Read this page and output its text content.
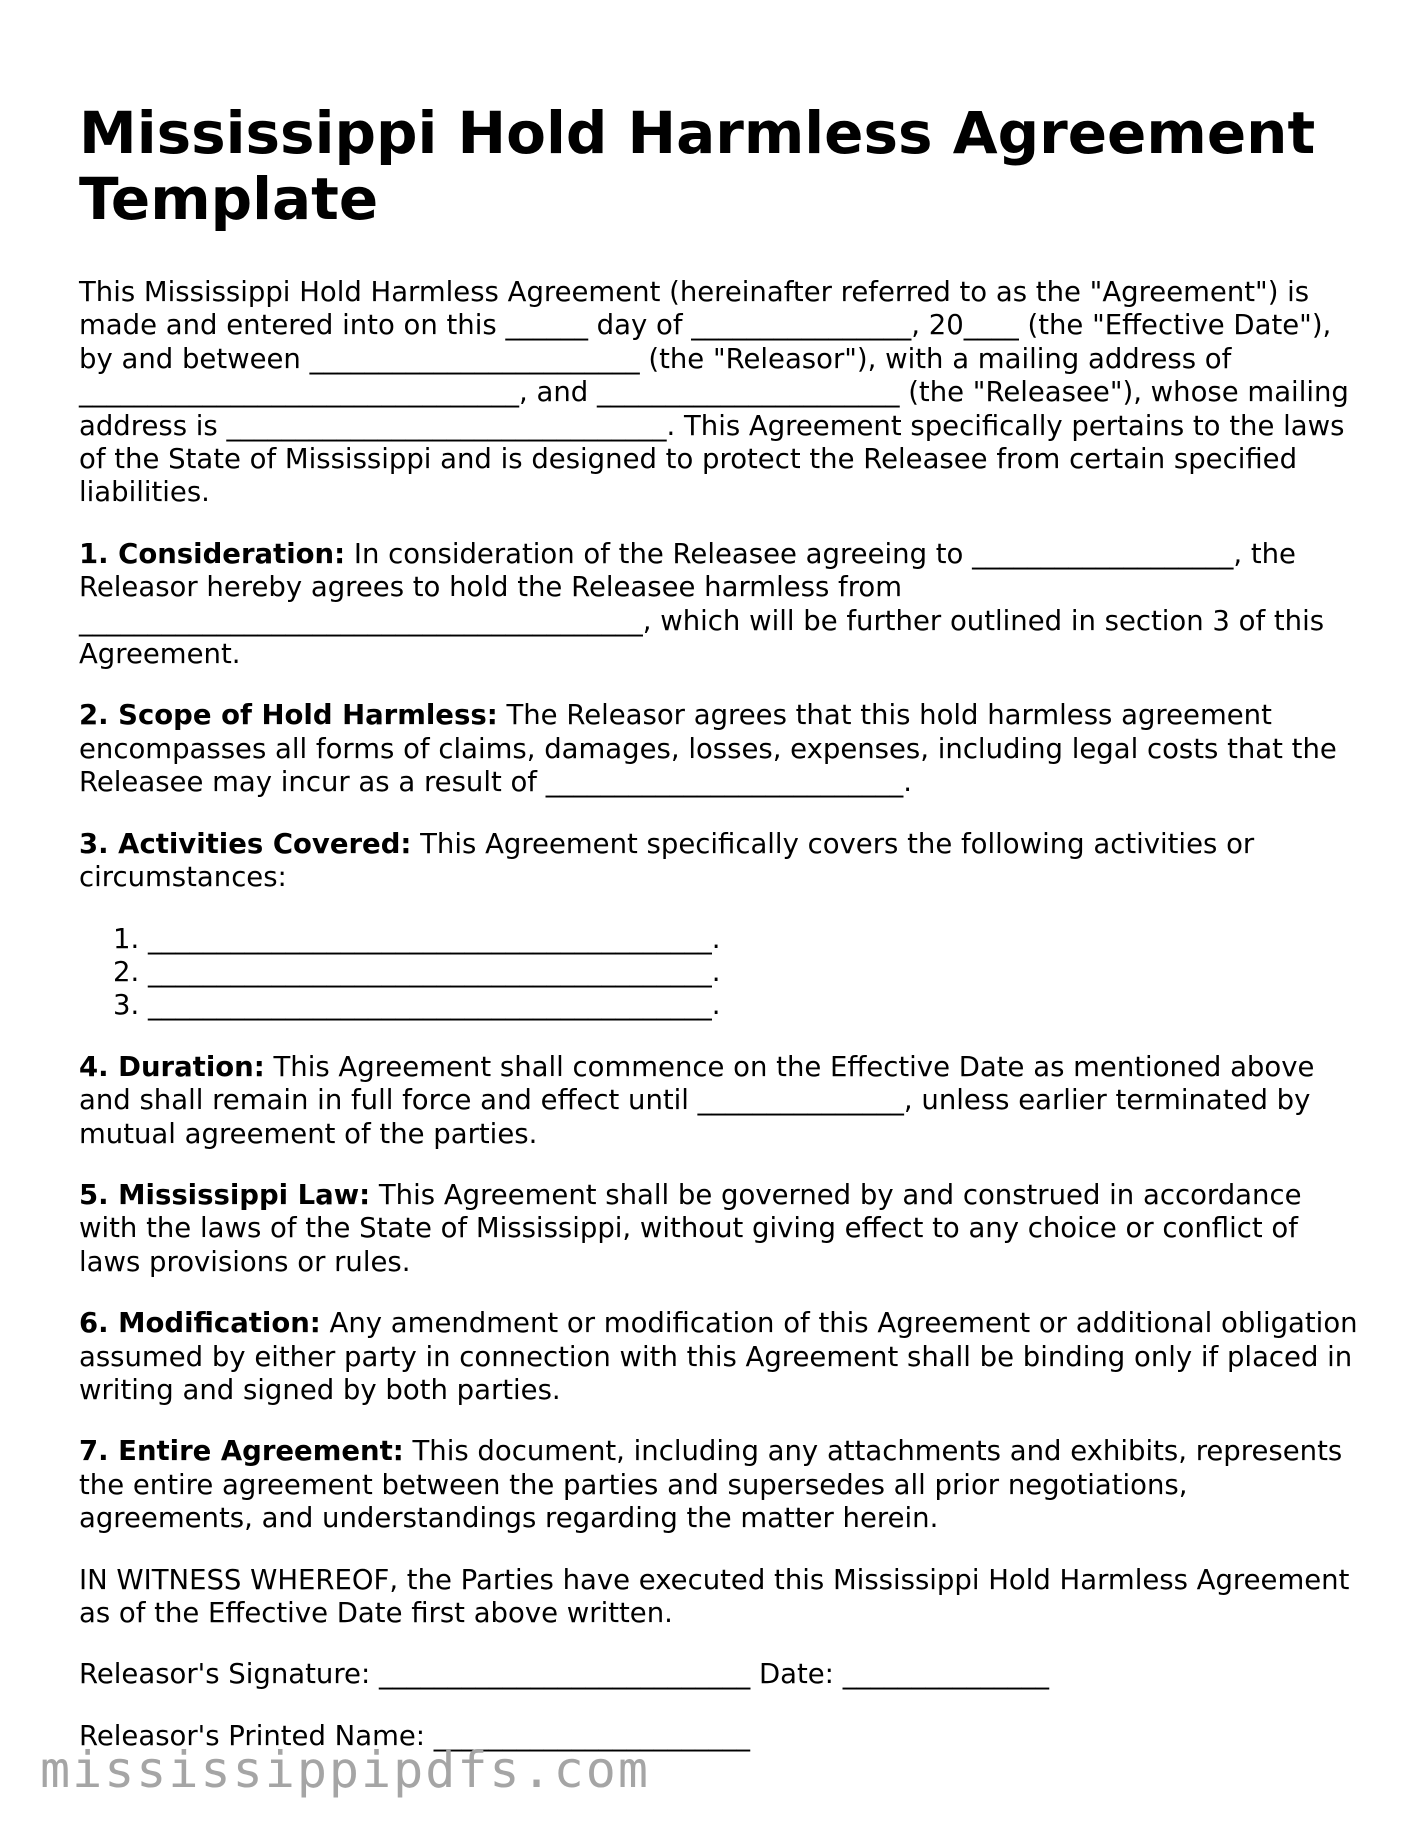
Mississippi Hold Harmless Agreement Template

This Mississippi Hold Harmless Agreement (hereinafter referred to as the "Agreement") is made and entered into on this ______ day of ________________, 20____ (the "Effective Date"), by and between ________________________ (the "Releasor"), with a mailing address of ________________________________, and ______________________ (the "Releasee"), whose mailing address is ________________________________. This Agreement specifically pertains to the laws of the State of Mississippi and is designed to protect the Releasee from certain specified liabilities.

1. Consideration: In consideration of the Releasee agreeing to ___________________, the Releasor hereby agrees to hold the Releasee harmless from _________________________________________, which will be further outlined in section 3 of this Agreement.

2. Scope of Hold Harmless: The Releasor agrees that this hold harmless agreement encompasses all forms of claims, damages, losses, expenses, including legal costs that the Releasee may incur as a result of __________________________.

3. Activities Covered: This Agreement specifically covers the following activities or circumstances:

1. _________________________________________.
2. _________________________________________.
3. _________________________________________.

4. Duration: This Agreement shall commence on the Effective Date as mentioned above and shall remain in full force and effect until _______________, unless earlier terminated by mutual agreement of the parties.

5. Mississippi Law: This Agreement shall be governed by and construed in accordance with the laws of the State of Mississippi, without giving effect to any choice or conflict of laws provisions or rules.

6. Modification: Any amendment or modification of this Agreement or additional obligation assumed by either party in connection with this Agreement shall be binding only if placed in writing and signed by both parties.

7. Entire Agreement: This document, including any attachments and exhibits, represents the entire agreement between the parties and supersedes all prior negotiations, agreements, and understandings regarding the matter herein.

IN WITNESS WHEREOF, the Parties have executed this Mississippi Hold Harmless Agreement as of the Effective Date first above written.

Releasor's Signature: ___________________________ Date: _______________

Releasor's Printed Name: _______________________

mississippipdfs.com
